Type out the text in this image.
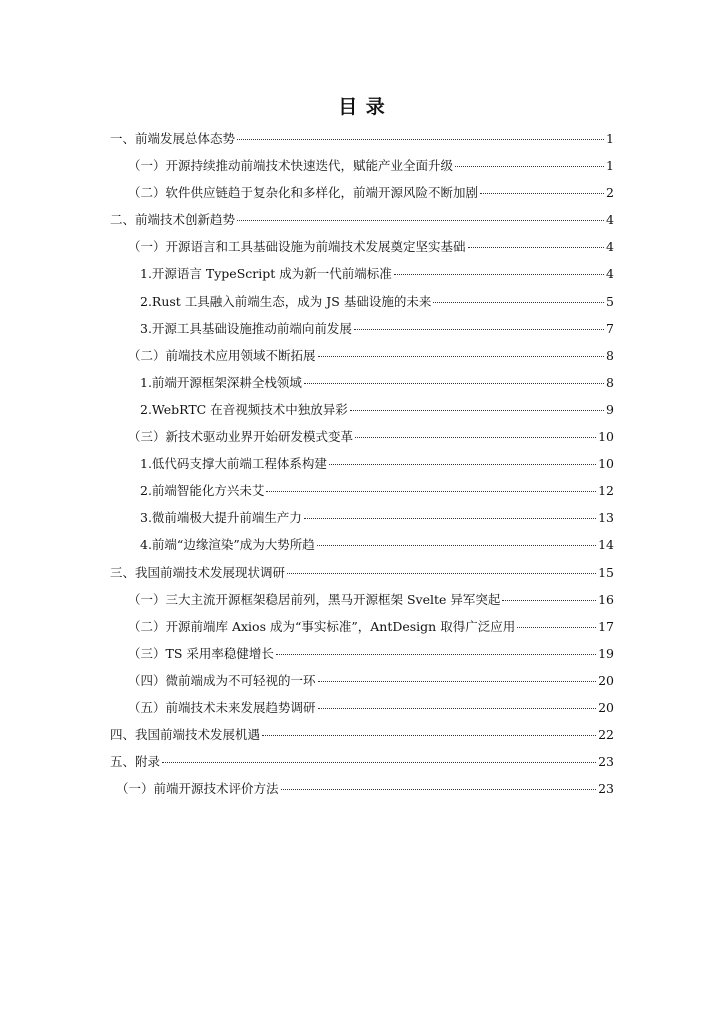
目 录
一、前端发展总体态势	1
（一）开源持续推动前端技术快速迭代，赋能产业全面升级	1
（二）软件供应链趋于复杂化和多样化，前端开源风险不断加剧	2
二、前端技术创新趋势	4
（一）开源语言和工具基础设施为前端技术发展奠定坚实基础	4
1.开源语言 TypeScript 成为新一代前端标准	4
2.Rust 工具融入前端生态，成为 JS 基础设施的未来	5
3.开源工具基础设施推动前端向前发展	7
（二）前端技术应用领域不断拓展	8
1.前端开源框架深耕全栈领域	8
2.WebRTC 在音视频技术中独放异彩	9
（三）新技术驱动业界开始研发模式变革	10
1.低代码支撑大前端工程体系构建	10
2.前端智能化方兴未艾	12
3.微前端极大提升前端生产力	13
4.前端“边缘渲染”成为大势所趋	14
三、我国前端技术发展现状调研	15
（一）三大主流开源框架稳居前列，黑马开源框架 Svelte 异军突起	16
（二）开源前端库 Axios 成为“事实标准”，AntDesign 取得广泛应用	17
（三）TS 采用率稳健增长	19
（四）微前端成为不可轻视的一环	20
（五）前端技术未来发展趋势调研	20
四、我国前端技术发展机遇	22
五、附录	23
（一）前端开源技术评价方法	23
